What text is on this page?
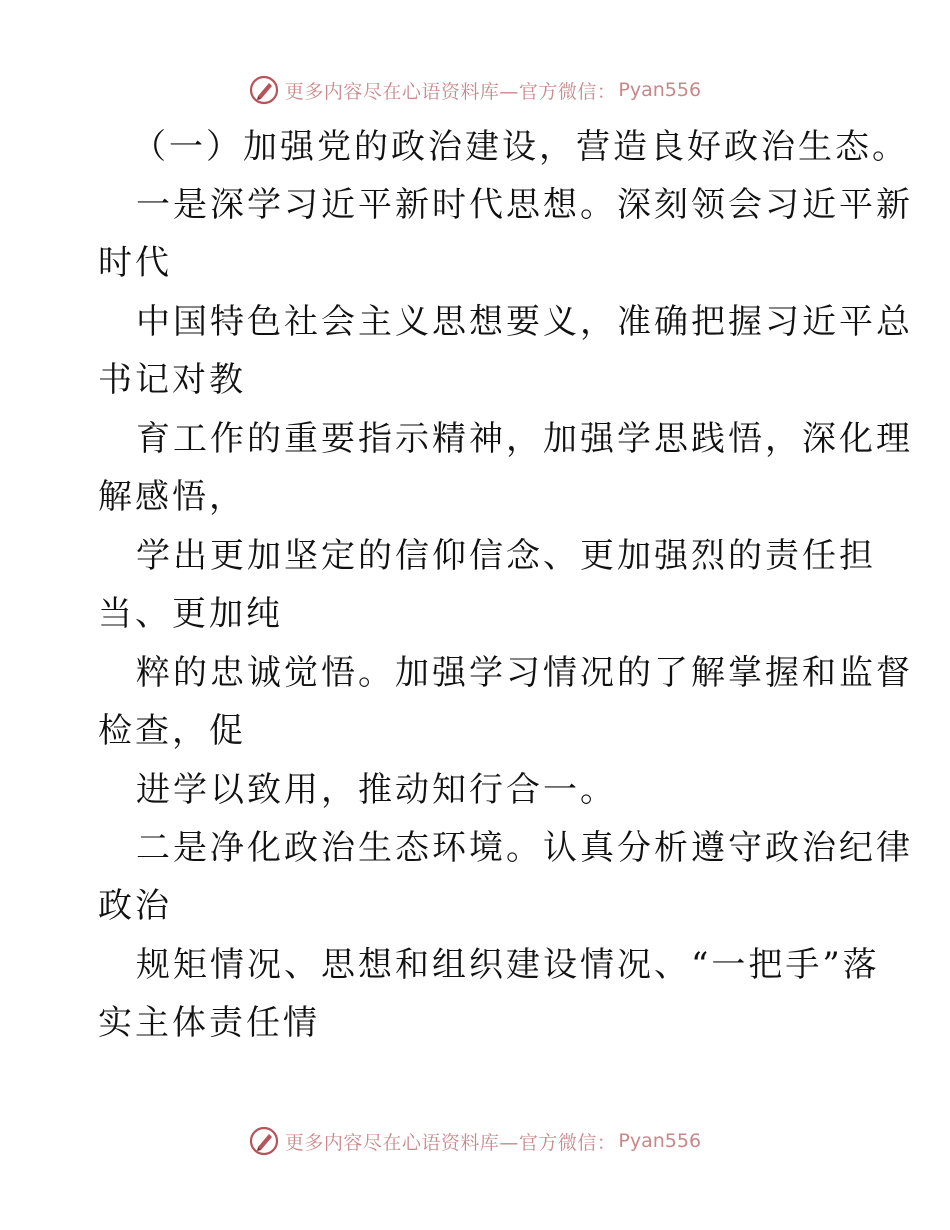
更多内容尽在心语资料库—官方微信： Pyan556
（一）加强党的政治建设，营造良好政治生态。
一是深学习近平新时代思想。深刻领会习近平新
时代
中国特色社会主义思想要义，准确把握习近平总
书记对教
育工作的重要指示精神，加强学思践悟，深化理
解感悟，
学出更加坚定的信仰信念、更加强烈的责任担
当、更加纯
粹的忠诚觉悟。加强学习情况的了解掌握和监督
检查，促
进学以致用，推动知行合一。
二是净化政治生态环境。认真分析遵守政治纪律
政治
规矩情况、思想和组织建设情况、“一把手”落
实主体责任情
更多内容尽在心语资料库—官方微信： Pyan556
